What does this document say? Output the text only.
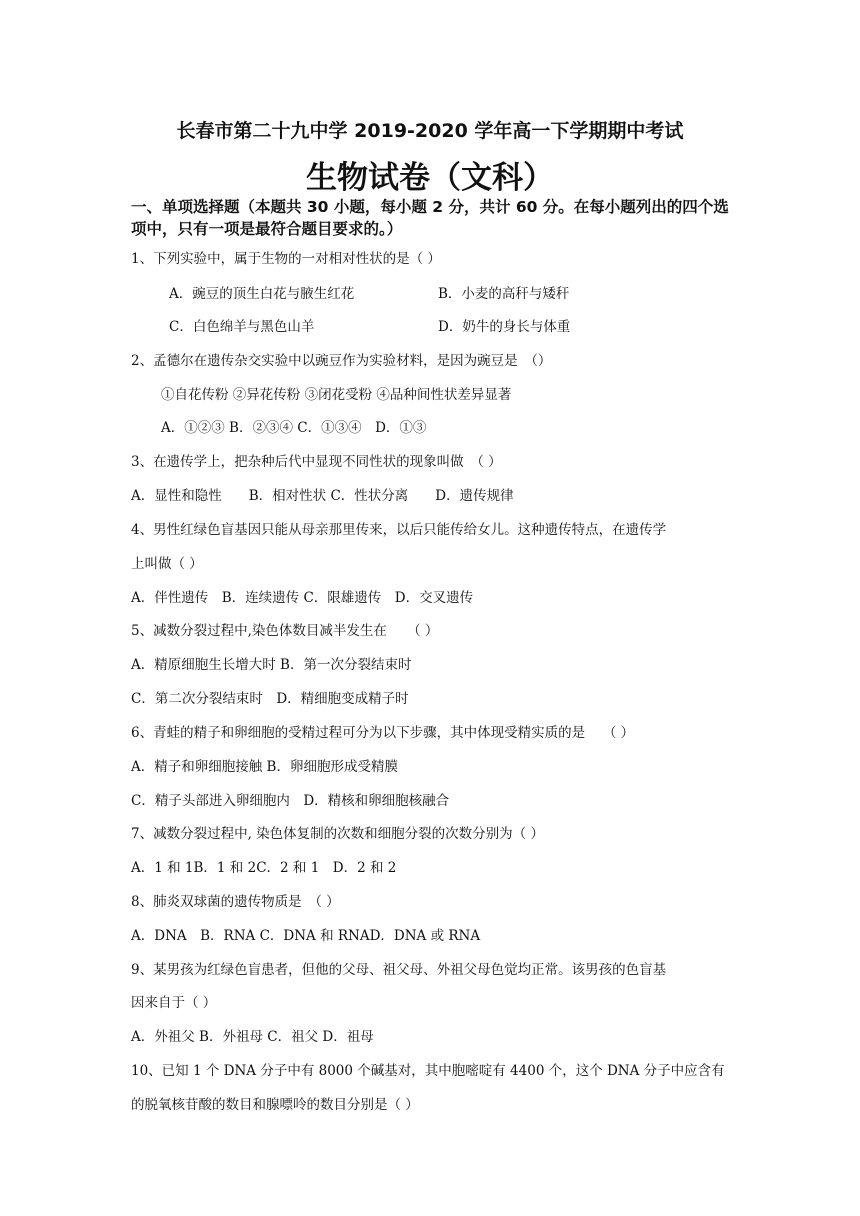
长春市第二十九中学 2019-2020 学年高一下学期期中考试
生物试卷（文科）
一、单项选择题（本题共 30 小题，每小题 2 分，共计 60 分。在每小题列出的四个选项中，只有一项是最符合题目要求的。）
1、下列实验中，属于生物的一对相对性状的是（ ）
A．豌豆的顶生白花与腋生红花	B．小麦的高秆与矮秆
C．白色绵羊与黑色山羊	D．奶牛的身长与体重
2、孟德尔在遗传杂交实验中以豌豆作为实验材料，是因为豌豆是　（）
①自花传粉 ②异花传粉 ③闭花受粉 ④品种间性状差异显著
A．①②③ B．②③④ C．①③④　D．①③
3、在遗传学上，把杂种后代中显现不同性状的现象叫做　（ ）
A．显性和隐性　　B．相对性状 C．性状分离　　D．遗传规律
4、男性红绿色盲基因只能从母亲那里传来，以后只能传给女儿。这种遗传特点，在遗传学
上叫做（ ）
A．伴性遗传　B．连续遗传 C．限雄遗传　D．交叉遗传
5、减数分裂过程中,染色体数目减半发生在　　（ ）
A．精原细胞生长增大时 B．第一次分裂结束时
C．第二次分裂结束时　D．精细胞变成精子时
6、青蛙的精子和卵细胞的受精过程可分为以下步骤，其中体现受精实质的是　 （ ）
A．精子和卵细胞接触 B．卵细胞形成受精膜
C．精子头部进入卵细胞内　D．精核和卵细胞核融合
7、减数分裂过程中, 染色体复制的次数和细胞分裂的次数分别为（ ）
A．1 和 1B．1 和 2C．2 和 1　D．2 和 2
8、肺炎双球菌的遗传物质是　（ ）
A．DNA　B．RNA C．DNA 和 RNAD．DNA 或 RNA
9、某男孩为红绿色盲患者，但他的父母、祖父母、外祖父母色觉均正常。该男孩的色盲基
因来自于（ ）
A．外祖父 B．外祖母 C．祖父 D．祖母
10、已知 1 个 DNA 分子中有 8000 个碱基对，其中胞嘧啶有 4400 个，这个 DNA 分子中应含有
的脱氧核苷酸的数目和腺嘌呤的数目分别是（ ）
